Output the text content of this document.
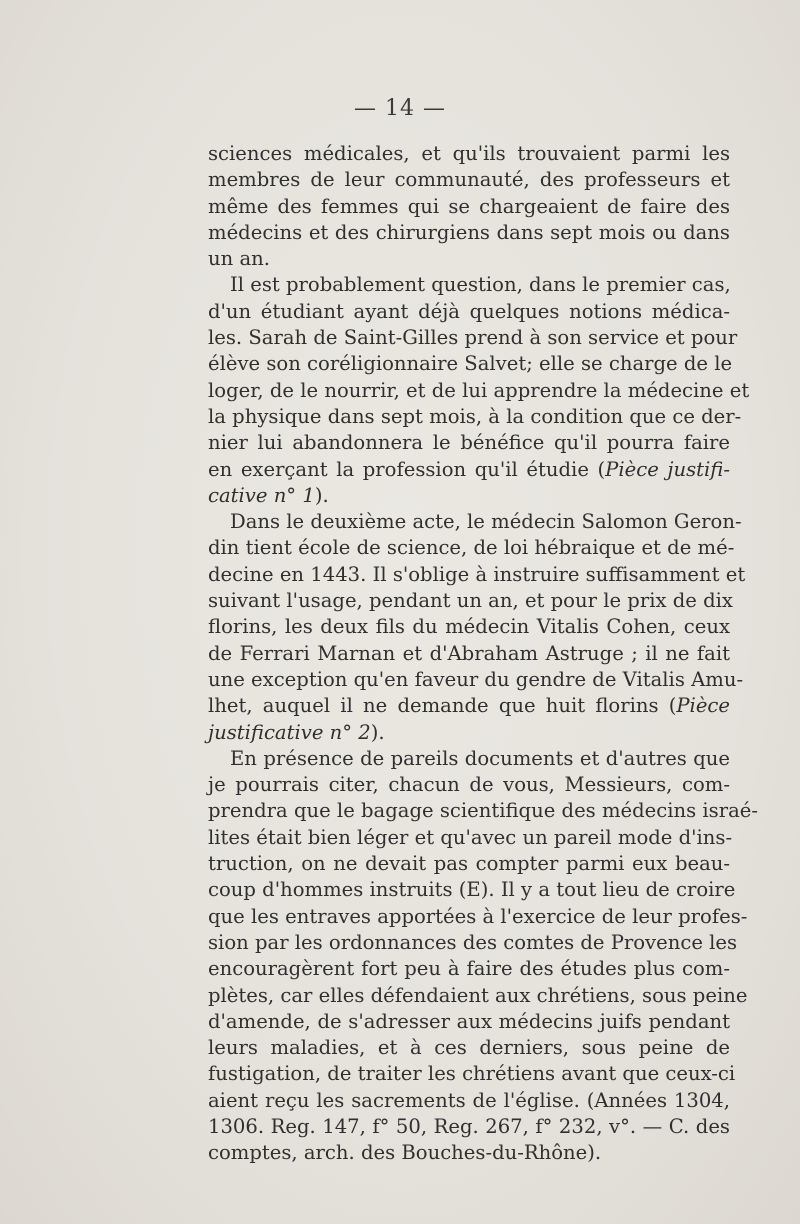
— 14 —
sciences médicales, et qu'ils trouvaient parmi les
membres de leur communauté, des professeurs et
même des femmes qui se chargeaient de faire des
médecins et des chirurgiens dans sept mois ou dans
un an.
Il est probablement question, dans le premier cas,
d'un étudiant ayant déjà quelques notions médica-
les. Sarah de Saint-Gilles prend à son service et pour
élève son coréligionnaire Salvet; elle se charge de le
loger, de le nourrir, et de lui apprendre la médecine et
la physique dans sept mois, à la condition que ce der-
nier lui abandonnera le bénéfice qu'il pourra faire
en exerçant la profession qu'il étudie (Pièce justifi-
cative n° 1).
Dans le deuxième acte, le médecin Salomon Geron-
din tient école de science, de loi hébraique et de mé-
decine en 1443. Il s'oblige à instruire suffisamment et
suivant l'usage, pendant un an, et pour le prix de dix
florins, les deux fils du médecin Vitalis Cohen, ceux
de Ferrari Marnan et d'Abraham Astruge ; il ne fait
une exception qu'en faveur du gendre de Vitalis Amu-
lhet, auquel il ne demande que huit florins (Pièce
justificative n° 2).
En présence de pareils documents et d'autres que
je pourrais citer, chacun de vous, Messieurs, com-
prendra que le bagage scientifique des médecins israé-
lites était bien léger et qu'avec un pareil mode d'ins-
truction, on ne devait pas compter parmi eux beau-
coup d'hommes instruits (E). Il y a tout lieu de croire
que les entraves apportées à l'exercice de leur profes-
sion par les ordonnances des comtes de Provence les
encouragèrent fort peu à faire des études plus com-
plètes, car elles défendaient aux chrétiens, sous peine
d'amende, de s'adresser aux médecins juifs pendant
leurs maladies, et à ces derniers, sous peine de
fustigation, de traiter les chrétiens avant que ceux-ci
aient reçu les sacrements de l'église. (Années 1304,
1306. Reg. 147, f° 50, Reg. 267, f° 232, v°. — C. des
comptes, arch. des Bouches-du-Rhône).
